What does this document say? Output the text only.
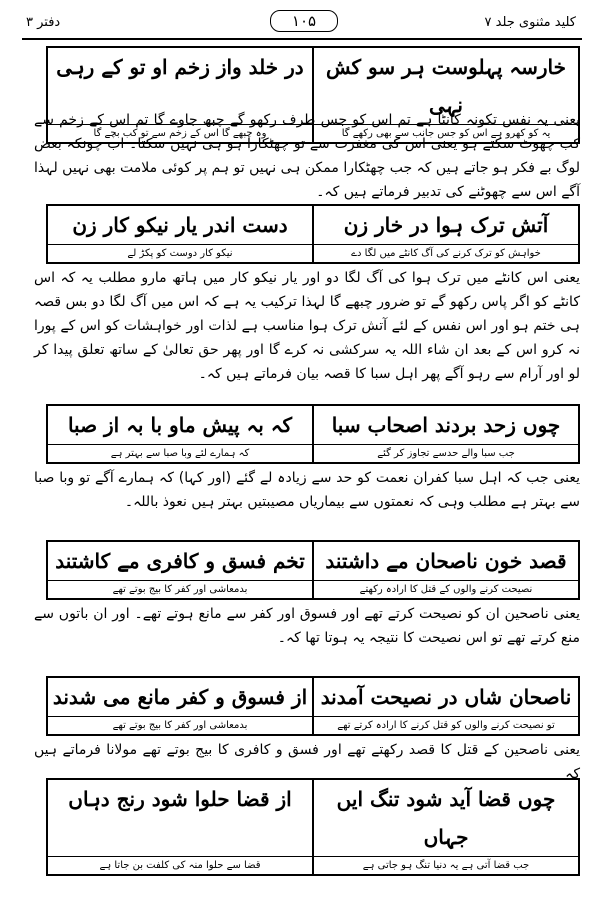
کلید مثنوی جلد ۷
۱۰۵
دفتر ۳
خارسہ پہلوست ہر سو کش نہی
در خلد واز زخم او تو کے رہی
یہ کو کھرو ہے اس کو جس جانب سے بھی رکھے گا
وہ چبھے گا اس کے زخم سے تو کب بچے گا
یعنی یہ نفس تکونہ کانٹا ہے تم اس کو جس طرف رکھو گے چبھ جاوے گا تم اس کے زخم سے کب چھوٹ سکتے ہو یعنی اس کی مغفرت سے تو چھٹکارا ہو ہی نہیں سکتا۔ اب چونکہ بعض لوگ بے فکر ہو جاتے ہیں کہ جب چھٹکارا ممکن ہی نہیں تو ہم پر کوئی ملامت بھی نہیں لہذا آگے اس سے چھوٹنے کی تدبیر فرماتے ہیں کہ۔
آتش ترک ہوا در خار زن
دست اندر یار نیکو کار زن
خواہش کو ترک کرنے کی آگ کانٹے میں لگا دے
نیکو کار دوست کو پکڑ لے
یعنی اس کانٹے میں ترک ہوا کی آگ لگا دو اور یار نیکو کار میں ہاتھ مارو مطلب یہ کہ اس کانٹے کو اگر پاس رکھو گے تو ضرور چبھے گا لہذا ترکیب یہ ہے کہ اس میں آگ لگا دو بس قصہ ہی ختم ہو اور اس نفس کے لئے آتش ترک ہوا مناسب ہے لذات اور خواہشات کو اس کے پورا نہ کرو اس کے بعد ان شاء اللہ یہ سرکشی نہ کرے گا اور پھر حق تعالیٰ کے ساتھ تعلق پیدا کر لو اور آرام سے رہو آگے پھر اہل سبا کا قصہ بیان فرماتے ہیں کہ۔
چوں زحد بردند اصحاب سبا
کہ بہ پیش ماو با بہ از صبا
جب سبا والے حدسے تجاوز کر گئے
کہ ہمارے لئے وبا صبا سے بہتر ہے
یعنی جب کہ اہل سبا کفران نعمت کو حد سے زیادہ لے گئے (اور کہا) کہ ہمارے آگے تو وبا صبا سے بہتر ہے مطلب وہی کہ نعمتوں سے بیماریاں مصیبتیں بہتر ہیں نعوذ باللہ۔
قصد خون ناصحان مے داشتند
تخم فسق و کافری مے کاشتند
نصیحت کرنے والوں کے قتل کا ارادہ رکھتے
بدمعاشی اور کفر کا بیج بوتے تھے
یعنی ناصحین ان کو نصیحت کرتے تھے اور فسوق اور کفر سے مانع ہوتے تھے۔ اور ان باتوں سے منع کرتے تھے تو اس نصیحت کا نتیجہ یہ ہوتا تھا کہ۔
ناصحان شاں در نصیحت آمدند
از فسوق و کفر مانع می شدند
تو نصیحت کرنے والوں کو قتل کرنے کا ارادہ کرتے تھے
بدمعاشی اور کفر کا بیج بوتے تھے
یعنی ناصحین کے قتل کا قصد رکھتے تھے اور فسق و کافری کا بیج بوتے تھے مولانا فرماتے ہیں کہ
چوں قضا آید شود تنگ ایں جہاں
از قضا حلوا شود رنج دہاں
جب قضا آتی ہے یہ دنیا تنگ ہو جاتی ہے
قضا سے حلوا منہ کی کلفت بن جاتا ہے
